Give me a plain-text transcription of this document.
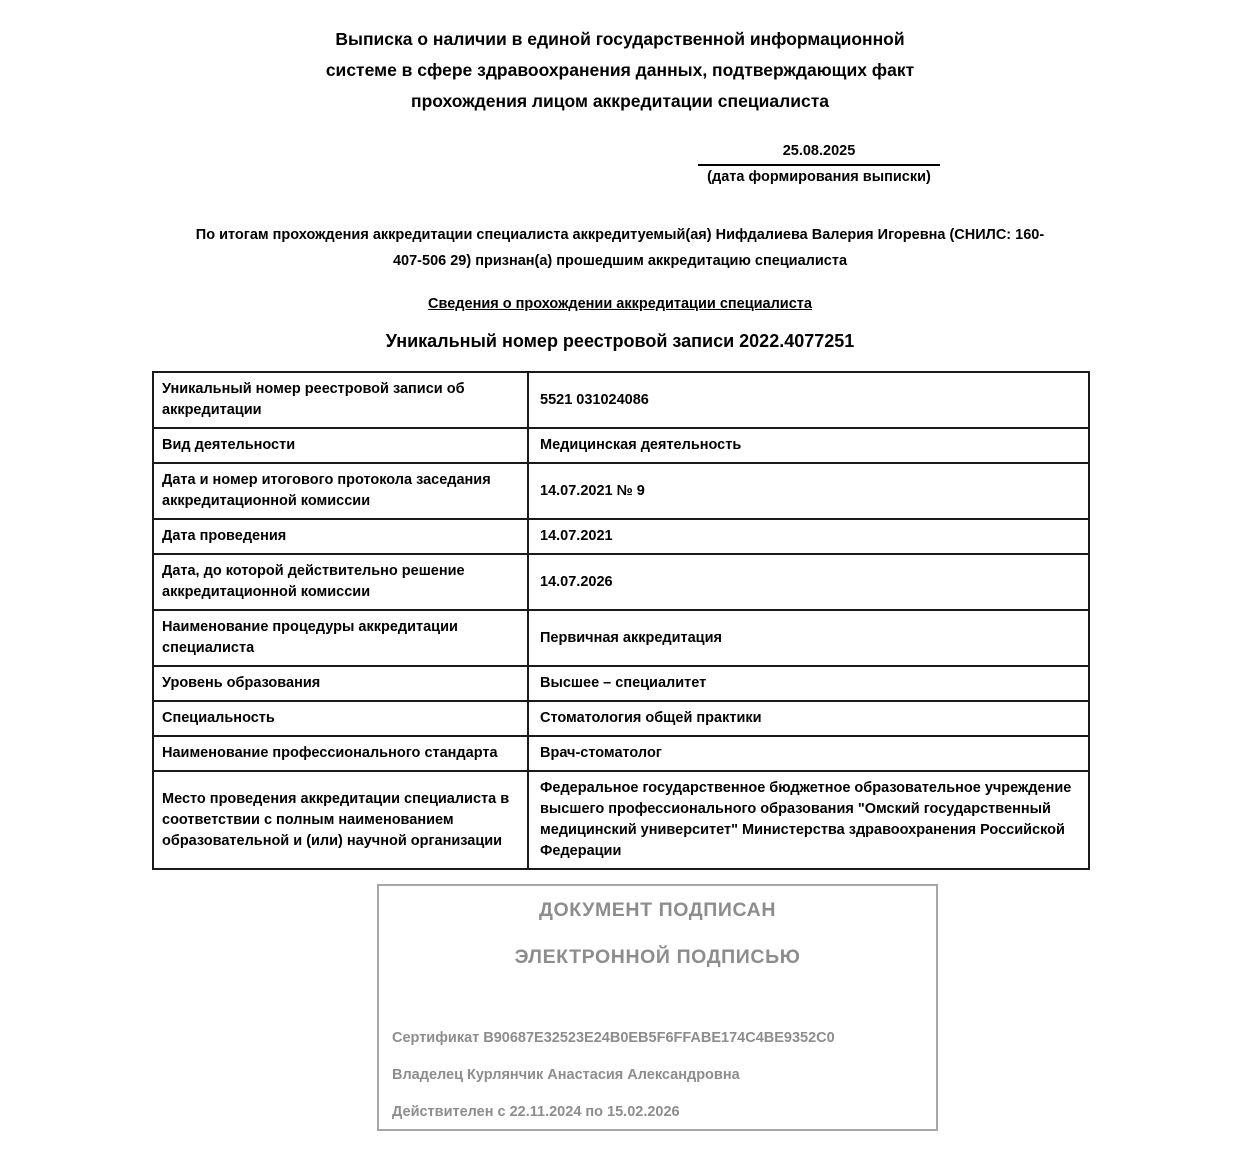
Выписка о наличии в единой государственной информационной
системе в сфере здравоохранения данных, подтверждающих факт
прохождения лицом аккредитации специалиста
25.08.2025
(дата формирования выписки)
По итогам прохождения аккредитации специалиста аккредитуемый(ая) Нифдалиева Валерия Игоревна (СНИЛС: 160-
407-506 29) признан(а) прошедшим аккредитацию специалиста
Сведения о прохождении аккредитации специалиста
Уникальный номер реестровой записи 2022.4077251
Уникальный номер реестровой записи об аккредитации	5521 031024086
Вид деятельности	Медицинская деятельность
Дата и номер итогового протокола заседания аккредитационной комиссии	14.07.2021 № 9
Дата проведения	14.07.2021
Дата, до которой действительно решение аккредитационной комиссии	14.07.2026
Наименование процедуры аккредитации специалиста	Первичная аккредитация
Уровень образования	Высшее – специалитет
Специальность	Стоматология общей практики
Наименование профессионального стандарта	Врач-стоматолог
Место проведения аккредитации специалиста в соответствии с полным наименованием образовательной и (или) научной организации	Федеральное государственное бюджетное образовательное учреждение высшего профессионального образования "Омский государственный медицинский университет" Министерства здравоохранения Российской Федерации
ДОКУМЕНТ ПОДПИСАН
ЭЛЕКТРОННОЙ ПОДПИСЬЮ
Сертификат B90687E32523E24B0EB5F6FFABE174C4BE9352C0
Владелец Курлянчик Анастасия Александровна
Действителен с 22.11.2024 по 15.02.2026
